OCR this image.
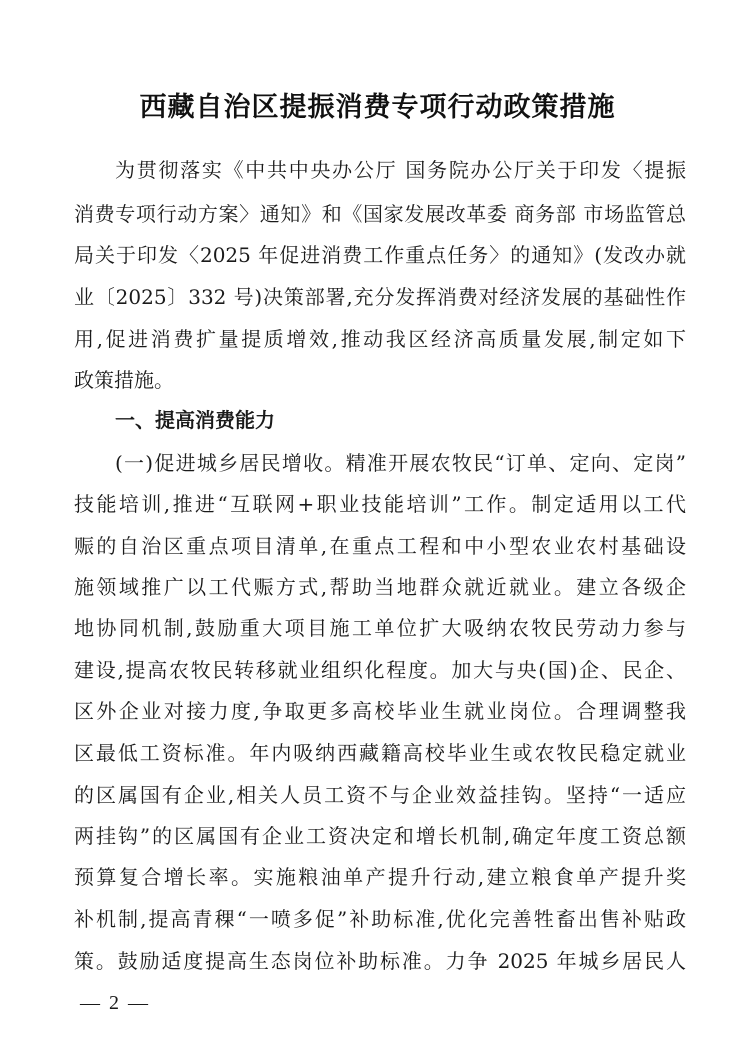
西藏自治区提振消费专项行动政策措施
为贯彻落实《中共中央办公厅 国务院办公厅关于印发〈提振
消费专项行动方案〉通知》和《国家发展改革委 商务部 市场监管总
局关于印发〈2025 年促进消费工作重点任务〉的通知》(发改办就
业〔2025〕332 号)决策部署,充分发挥消费对经济发展的基础性作
用,促进消费扩量提质增效,推动我区经济高质量发展,制定如下
政策措施。
一、提高消费能力
(一)促进城乡居民增收。精准开展农牧民“订单、定向、定岗”
技能培训,推进“互联网+职业技能培训”工作。制定适用以工代
赈的自治区重点项目清单,在重点工程和中小型农业农村基础设
施领域推广以工代赈方式,帮助当地群众就近就业。建立各级企
地协同机制,鼓励重大项目施工单位扩大吸纳农牧民劳动力参与
建设,提高农牧民转移就业组织化程度。加大与央(国)企、民企、
区外企业对接力度,争取更多高校毕业生就业岗位。合理调整我
区最低工资标准。年内吸纳西藏籍高校毕业生或农牧民稳定就业
的区属国有企业,相关人员工资不与企业效益挂钩。坚持“一适应
两挂钩”的区属国有企业工资决定和增长机制,确定年度工资总额
预算复合增长率。实施粮油单产提升行动,建立粮食单产提升奖
补机制,提高青稞“一喷多促”补助标准,优化完善牲畜出售补贴政
策。鼓励适度提高生态岗位补助标准。力争 2025 年城乡居民人
— 2 —
